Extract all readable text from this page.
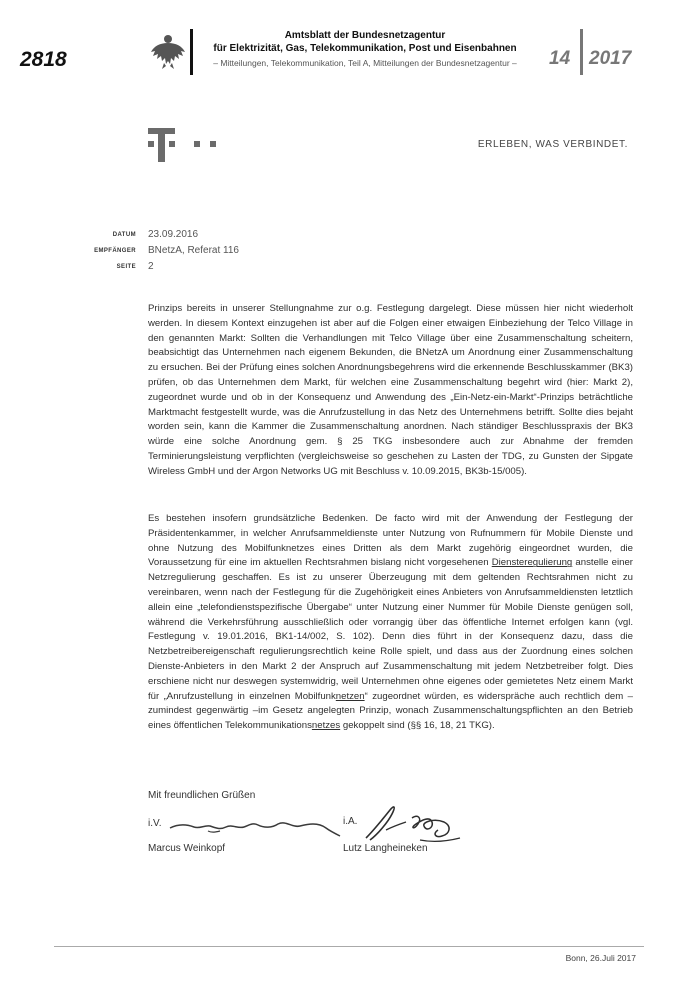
2818
Amtsblatt der Bundesnetzagentur
für Elektrizität, Gas, Telekommunikation, Post und Eisenbahnen
– Mitteilungen, Telekommunikation, Teil A, Mitteilungen der Bundesnetzagentur –	14 2017
ERLEBEN, WAS VERBINDET.
DATUM 23.09.2016
EMPFÄNGER BNetzA, Referat 116
SEITE 2

Prinzips bereits in unserer Stellungnahme zur o.g. Festlegung dargelegt. Diese müssen hier nicht wiederholt werden. In diesem Kontext einzugehen ist aber auf die Folgen einer etwaigen Einbeziehung der Telco Village in den genannten Markt: Sollten die Verhandlungen mit Telco Village über eine Zusammenschaltung scheitern, beabsichtigt das Unternehmen nach eigenem Bekunden, die BNetzA um Anordnung einer Zusammenschaltung zu ersuchen. Bei der Prüfung eines solchen Anordnungsbegehrens wird die erkennende Beschlusskammer (BK3) prüfen, ob das Unternehmen dem Markt, für welchen eine Zusammenschaltung begehrt wird (hier: Markt 2), zugeordnet wurde und ob in der Konsequenz und Anwendung des „Ein-Netz-ein-Markt“-Prinzips beträchtliche Marktmacht festgestellt wurde, was die Anrufzustellung in das Netz des Unternehmens betrifft. Sollte dies bejaht worden sein, kann die Kammer die Zusammenschaltung anordnen. Nach ständiger Beschlusspraxis der BK3 würde eine solche Anordnung gem. § 25 TKG insbesondere auch zur Abnahme der fremden Terminierungsleistung verpflichten (vergleichsweise so geschehen zu Lasten der TDG, zu Gunsten der Sipgate Wireless GmbH und der Argon Networks UG mit Beschluss v. 10.09.2015, BK3b-15/005).

Es bestehen insofern grundsätzliche Bedenken. De facto wird mit der Anwendung der Festlegung der Präsidentenkammer, in welcher Anrufsammeldienste unter Nutzung von Rufnummern für Mobile Dienste und ohne Nutzung des Mobilfunknetzes eines Dritten als dem Markt zugehörig eingeordnet wurden, die Voraussetzung für eine im aktuellen Rechtsrahmen bislang nicht vorgesehenen Diensteregulierung anstelle einer Netzregulierung geschaffen. Es ist zu unserer Überzeugung mit dem geltenden Rechtsrahmen nicht zu vereinbaren, wenn nach der Festlegung für die Zugehörigkeit eines Anbieters von Anrufsammeldiensten letztlich allein eine „telefondienstspezifische Übergabe“ unter Nutzung einer Nummer für Mobile Dienste genügen soll, während die Verkehrsführung ausschließlich oder vorrangig über das öffentliche Internet erfolgen kann (vgl. Festlegung v. 19.01.2016, BK1-14/002, S. 102). Denn dies führt in der Konsequenz dazu, dass die Netzbetreibereigenschaft regulierungsrechtlich keine Rolle spielt, und dass aus der Zuordnung eines solchen Dienste-Anbieters in den Markt 2 der Anspruch auf Zusammenschaltung mit jedem Netzbetreiber folgt. Dies erschiene nicht nur deswegen systemwidrig, weil Unternehmen ohne eigenes oder gemietetes Netz einem Markt für „Anrufzustellung in einzelnen Mobilfunknetzen“ zugeordnet würden, es widerspräche auch rechtlich dem – zumindest gegenwärtig –im Gesetz angelegten Prinzip, wonach Zusammenschaltungspflichten an den Betrieb eines öffentlichen Telekommunikationsnetzes gekoppelt sind (§§ 16, 18, 21 TKG).

Mit freundlichen Grüßen
i.V.	i.A.
Marcus Weinkopf	Lutz Langheineken
Bonn, 26.Juli 2017
